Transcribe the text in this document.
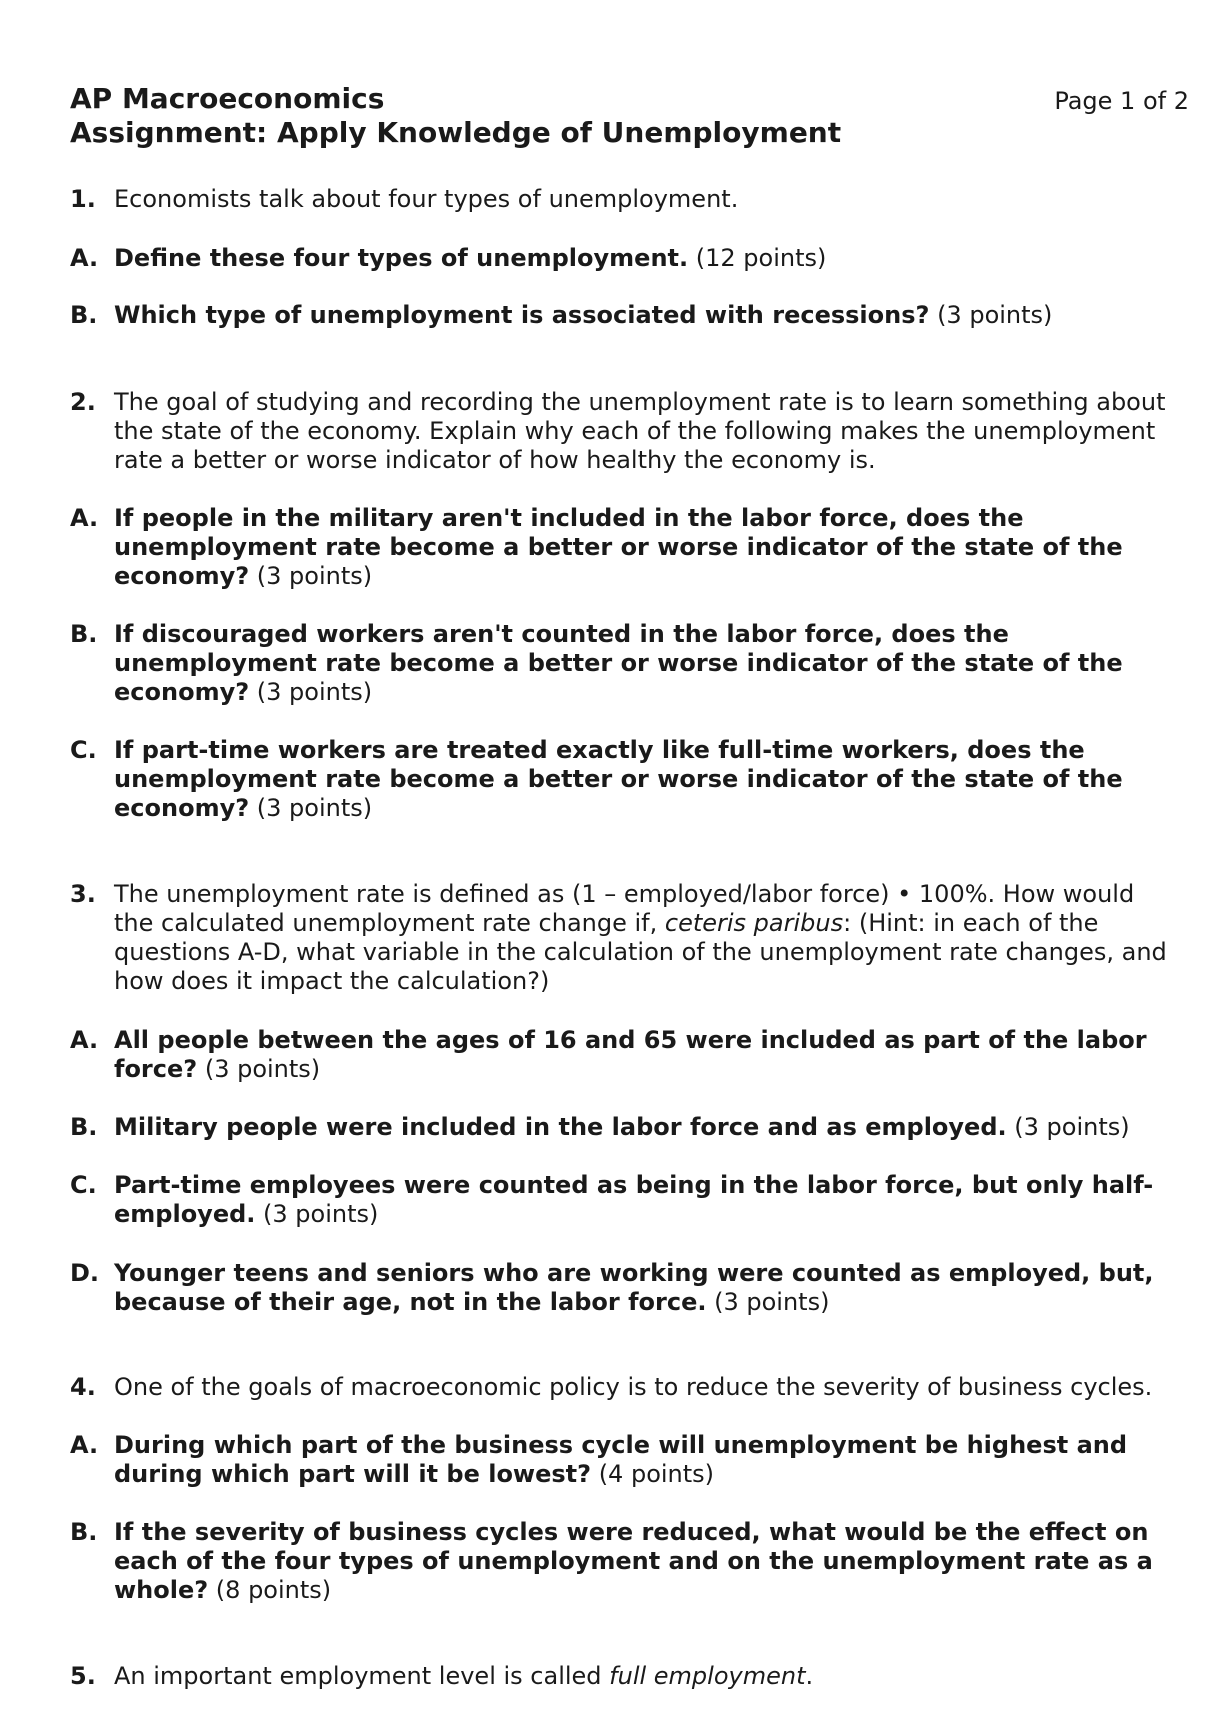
AP Macroeconomics
Assignment: Apply Knowledge of Unemployment
Page 1 of 2
1. Economists talk about four types of unemployment.
A. Define these four types of unemployment. (12 points)
B. Which type of unemployment is associated with recessions? (3 points)
2. The goal of studying and recording the unemployment rate is to learn something about the state of the economy. Explain why each of the following makes the unemployment rate a better or worse indicator of how healthy the economy is.
A. If people in the military aren't included in the labor force, does the unemployment rate become a better or worse indicator of the state of the economy? (3 points)
B. If discouraged workers aren't counted in the labor force, does the unemployment rate become a better or worse indicator of the state of the economy? (3 points)
C. If part-time workers are treated exactly like full-time workers, does the unemployment rate become a better or worse indicator of the state of the economy? (3 points)
3. The unemployment rate is defined as (1 – employed/labor force) • 100%. How would the calculated unemployment rate change if, ceteris paribus: (Hint: in each of the questions A-D, what variable in the calculation of the unemployment rate changes, and how does it impact the calculation?)
A. All people between the ages of 16 and 65 were included as part of the labor force? (3 points)
B. Military people were included in the labor force and as employed. (3 points)
C. Part-time employees were counted as being in the labor force, but only half-employed. (3 points)
D. Younger teens and seniors who are working were counted as employed, but, because of their age, not in the labor force. (3 points)
4. One of the goals of macroeconomic policy is to reduce the severity of business cycles.
A. During which part of the business cycle will unemployment be highest and during which part will it be lowest? (4 points)
B. If the severity of business cycles were reduced, what would be the effect on each of the four types of unemployment and on the unemployment rate as a whole? (8 points)
5. An important employment level is called full employment.
